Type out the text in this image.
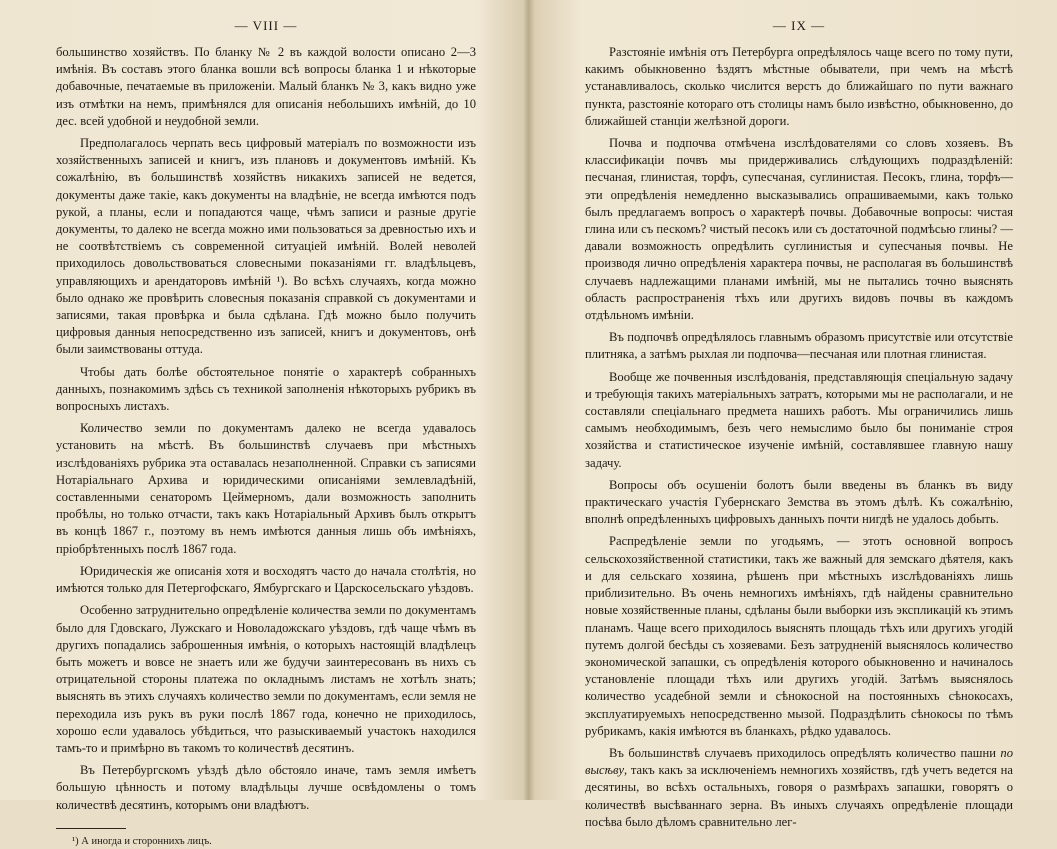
— VIII —

большинство хозяйствъ. По бланку № 2 въ каждой волости описано 2—3 имѣнія. Въ составъ этого бланка вошли всѣ вопросы бланка 1 и нѣкоторые добавочные, печатаемые въ приложеніи. Малый бланкъ № 3, какъ видно уже изъ отмѣтки на немъ, примѣнялся для описанія небольшихъ имѣній, до 10 дес. всей удобной и неудобной земли.

Предполагалось черпать весь цифровый матеріалъ по возможности изъ хозяйственныхъ записей и книгъ, изъ плановъ и документовъ имѣній. Къ сожалѣнію, въ большинствѣ хозяйствъ никакихъ записей не ведется, документы даже такіе, какъ документы на владѣніе, не всегда имѣются подъ рукой, а планы, если и попадаются чаще, чѣмъ записи и разные другіе документы, то далеко не всегда можно ими пользоваться за древностью ихъ и не соотвѣтствіемъ съ современной ситуаціей имѣній. Волей неволей приходилось довольствоваться словесными показаніями гг. владѣльцевъ, управляющихъ и арендаторовъ имѣній ¹). Во всѣхъ случаяхъ, когда можно было однако же провѣрить словесныя показанія справкой съ документами и записями, такая провѣрка и была сдѣлана. Гдѣ можно было получить цифровыя данныя непосредственно изъ записей, книгъ и документовъ, онѣ были заимствованы оттуда.

Чтобы дать болѣе обстоятельное понятіе о характерѣ собранныхъ данныхъ, познакомимъ здѣсь съ техникой заполненія нѣкоторыхъ рубрикъ въ вопросныхъ листахъ.

Количество земли по документамъ далеко не всегда удавалось установить на мѣстѣ. Въ большинствѣ случаевъ при мѣстныхъ изслѣдованіяхъ рубрика эта оставалась незаполненной. Справки съ записями Нотаріальнаго Архива и юридическими описаніями землевладѣній, составленными сенаторомъ Цеймерномъ, дали возможность заполнить пробѣлы, но только отчасти, такъ какъ Нотаріальный Архивъ былъ открытъ въ концѣ 1867 г., поэтому въ немъ имѣются данныя лишь объ имѣніяхъ, пріобрѣтенныхъ послѣ 1867 года.

Юридическія же описанія хотя и восходятъ часто до начала столѣтія, но имѣются только для Петергофскаго, Ямбургскаго и Царскосельскаго уѣздовъ.

Особенно затруднительно опредѣленіе количества земли по документамъ было для Гдовскаго, Лужскаго и Новоладожскаго уѣздовъ, гдѣ чаще чѣмъ въ другихъ попадались заброшенныя имѣнія, о которыхъ настоящій владѣлецъ быть можетъ и вовсе не знаетъ или же будучи заинтересованъ въ нихъ съ отрицательной стороны платежа по окладнымъ листамъ не хотѣлъ знать; выяснять въ этихъ случаяхъ количество земли по документамъ, если земля не переходила изъ рукъ въ руки послѣ 1867 года, конечно не приходилось, хорошо если удавалось убѣдиться, что разыскиваемый участокъ находился тамъ-то и примѣрно въ такомъ то количествѣ десятинъ.

Въ Петербургскомъ уѣздѣ дѣло обстояло иначе, тамъ земля имѣетъ большую цѣнность и потому владѣльцы лучше освѣдомлены о томъ количествѣ десятинъ, которымъ они владѣютъ.

¹) А иногда и стороннихъ лицъ.

— IX —

Разстояніе имѣнія отъ Петербурга опредѣлялось чаще всего по тому пути, какимъ обыкновенно ѣздятъ мѣстные обыватели, при чемъ на мѣстѣ устанавливалось, сколько числится верстъ до ближайшаго по пути важнаго пункта, разстояніе котораго отъ столицы намъ было извѣстно, обыкновенно, до ближайшей станціи желѣзной дороги.

Почва и подпочва отмѣчена изслѣдователями со словъ хозяевъ. Въ классификаціи почвъ мы придерживались слѣдующихъ подраздѣленій: песчаная, глинистая, торфъ, супесчаная, суглинистая. Песокъ, глина, торфъ—эти опредѣленія немедленно высказывались опрашиваемыми, какъ только былъ предлагаемъ вопросъ о характерѣ почвы. Добавочные вопросы: чистая глина или съ пескомъ? чистый песокъ или съ достаточной подмѣсью глины? — давали возможность опредѣлить суглинистыя и супесчаныя почвы. Не производя лично опредѣленія характера почвы, не располагая въ большинствѣ случаевъ надлежащими планами имѣній, мы не пытались точно выяснять область распространенія тѣхъ или другихъ видовъ почвы въ каждомъ отдѣльномъ имѣніи.

Въ подпочвѣ опредѣлялось главнымъ образомъ присутствіе или отсутствіе плитняка, а затѣмъ рыхлая ли подпочва—песчаная или плотная глинистая.

Вообще же почвенныя изслѣдованія, представляющія спеціальную задачу и требующія такихъ матеріальныхъ затратъ, которыми мы не располагали, и не составляли спеціальнаго предмета нашихъ работъ. Мы ограничились лишь самымъ необходимымъ, безъ чего немыслимо было бы пониманіе строя хозяйства и статистическое изученіе имѣній, составлявшее главную нашу задачу.

Вопросы объ осушеніи болотъ были введены въ бланкъ въ виду практическаго участія Губернскаго Земства въ этомъ дѣлѣ. Къ сожалѣнію, вполнѣ опредѣленныхъ цифровыхъ данныхъ почти нигдѣ не удалось добыть.

Распредѣленіе земли по угодьямъ, — этотъ основной вопросъ сельскохозяйственной статистики, такъ же важный для земскаго дѣятеля, какъ и для сельскаго хозяина, рѣшенъ при мѣстныхъ изслѣдованіяхъ лишь приблизительно. Въ очень немногихъ имѣніяхъ, гдѣ найдены сравнительно новые хозяйственные планы, сдѣланы были выборки изъ экспликацій къ этимъ планамъ. Чаще всего приходилось выяснять площадь тѣхъ или другихъ угодій путемъ долгой бесѣды съ хозяевами. Безъ затрудненій выяснялось количество экономической запашки, съ опредѣленія которого обыкновенно и начиналось установленіе площади тѣхъ или другихъ угодій. Затѣмъ выяснялось количество усадебной земли и сѣнокосной на постоянныхъ сѣнокосахъ, эксплуатируемыхъ непосредственно мызой. Подраздѣлить сѣнокосы по тѣмъ рубрикамъ, какія имѣются въ бланкахъ, рѣдко удавалось.

Въ большинствѣ случаевъ приходилось опредѣлять количество пашни по высѣву, такъ какъ за исключеніемъ немногихъ хозяйствъ, гдѣ учетъ ведется на десятины, во всѣхъ остальныхъ, говоря о размѣрахъ запашки, говорятъ о количествѣ высѣваннаго зерна. Въ иныхъ случаяхъ опредѣленіе площади посѣва было дѣломъ сравнительно лег-
